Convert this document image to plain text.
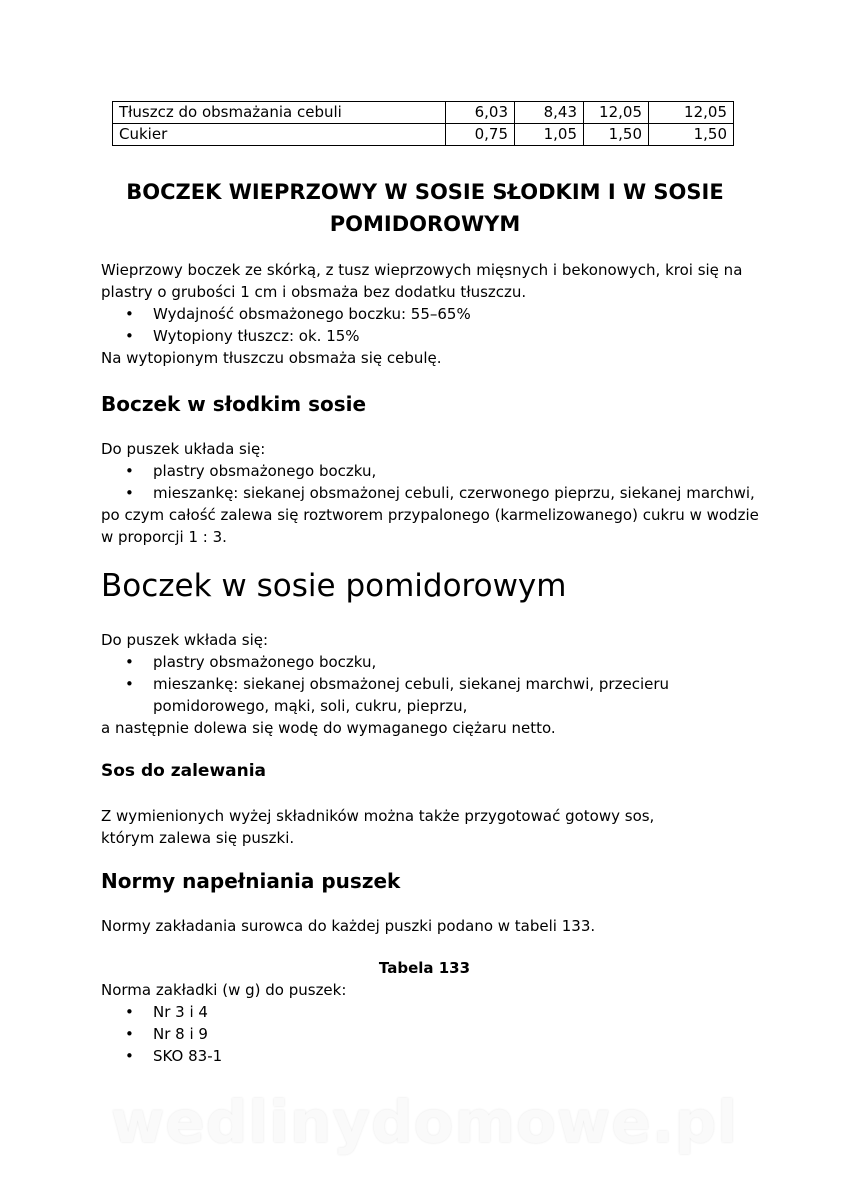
Tłuszcz do obsmażania cebuli	6,03	8,43	12,05	12,05
Cukier	0,75	1,05	1,50	1,50
BOCZEK WIEPRZOWY W SOSIE SŁODKIM I W SOSIE
POMIDOROWYM

Wieprzowy boczek ze skórką, z tusz wieprzowych mięsnych i bekonowych, kroi się na
plastry o grubości 1 cm i obsmaża bez dodatku tłuszczu.

• Wydajność obsmażonego boczku: 55–65%
• Wytopiony tłuszcz: ok. 15%

Na wytopionym tłuszczu obsmaża się cebulę.

Boczek w słodkim sosie

Do puszek układa się:

• plastry obsmażonego boczku,
• mieszankę: siekanej obsmażonej cebuli, czerwonego pieprzu, siekanej marchwi,

po czym całość zalewa się roztworem przypalonego (karmelizowanego) cukru w wodzie
w proporcji 1 : 3.

Boczek w sosie pomidorowym

Do puszek wkłada się:

• plastry obsmażonego boczku,
• mieszankę: siekanej obsmażonej cebuli, siekanej marchwi, przecieru
pomidorowego, mąki, soli, cukru, pieprzu,

a następnie dolewa się wodę do wymaganego ciężaru netto.

Sos do zalewania

Z wymienionych wyżej składników można także przygotować gotowy sos,
którym zalewa się puszki.

Normy napełniania puszek

Normy zakładania surowca do każdej puszki podano w tabeli 133.

Tabela 133

Norma zakładki (w g) do puszek:

• Nr 3 i 4
• Nr 8 i 9
• SKO 83-1
wedlinydomowe.pl
